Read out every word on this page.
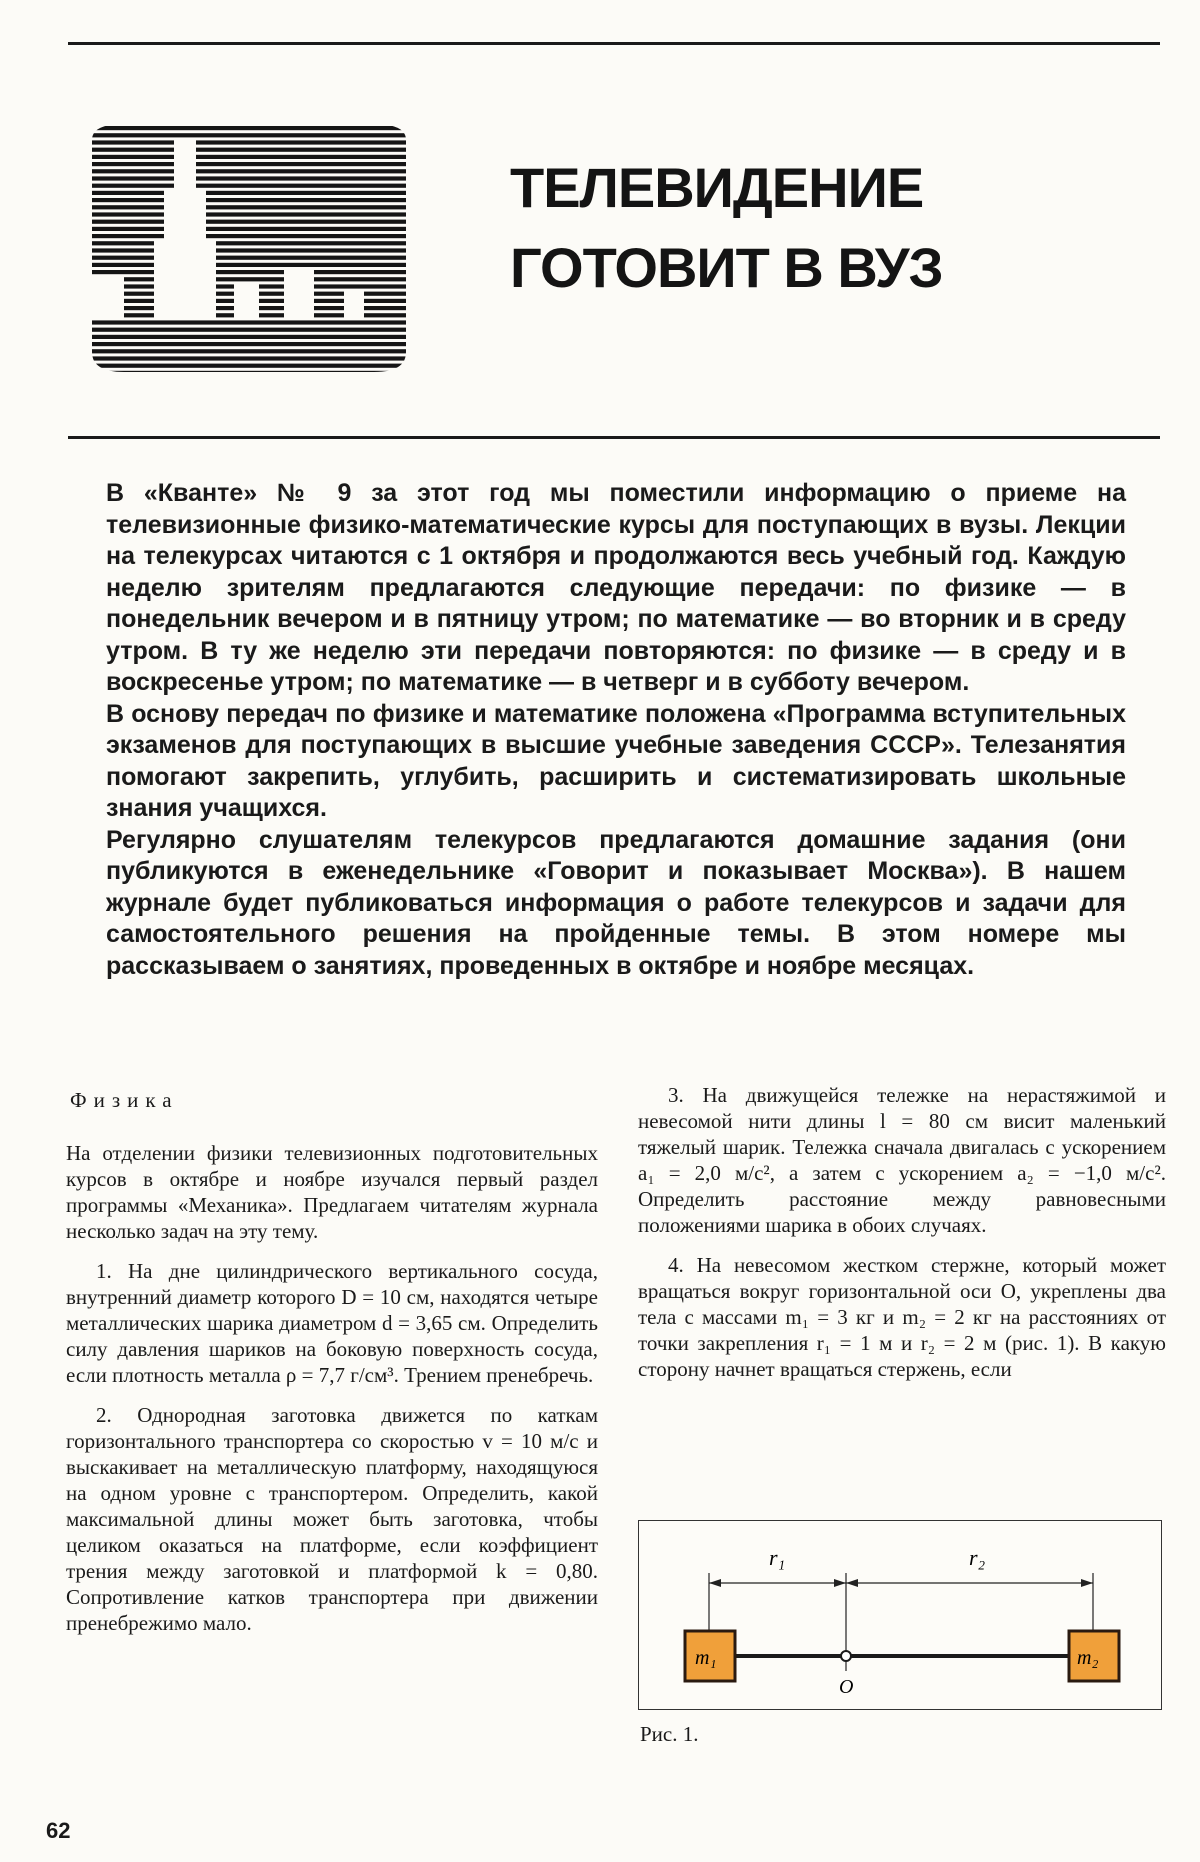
ТЕЛЕВИДЕНИЕ
ГОТОВИТ В ВУЗ

В «Кванте» № 9 за этот год мы поместили информацию о приеме на телевизионные физико-математические курсы для поступающих в вузы. Лекции на телекурсах читаются с 1 октября и продолжаются весь учебный год. Каждую неделю зрителям предлагаются следующие передачи: по физике — в понедельник вечером и в пятницу утром; по математике — во вторник и в среду утром. В ту же неделю эти передачи повторяются: по физике — в среду и в воскресенье утром; по математике — в четверг и в субботу вечером.

В основу передач по физике и математике положена «Программа вступительных экзаменов для поступающих в высшие учебные заведения СССР». Телезанятия помогают закрепить, углубить, расширить и систематизировать школьные знания учащихся.

Регулярно слушателям телекурсов предлагаются домашние задания (они публикуются в еженедельнике «Говорит и показывает Москва»). В нашем журнале будет публиковаться информация о работе телекурсов и задачи для самостоятельного решения на пройденные темы. В этом номере мы рассказываем о занятиях, проведенных в октябре и ноябре месяцах.

Физика

На отделении физики телевизионных подготовительных курсов в октябре и ноябре изучался первый раздел программы «Механика». Предлагаем читателям журнала несколько задач на эту тему.

1. На дне цилиндрического вертикального сосуда, внутренний диаметр которого D = 10 см, находятся четыре металлических шарика диаметром d = 3,65 см. Определить силу давления шариков на боковую поверхность сосуда, если плотность металла ρ = 7,7 г/см³. Трением пренебречь.

2. Однородная заготовка движется по каткам горизонтального транспортера со скоростью v = 10 м/с и выскакивает на металлическую платформу, находящуюся на одном уровне с транспортером. Определить, какой максимальной длины может быть заготовка, чтобы целиком оказаться на платформе, если коэффициент трения между заготовкой и платформой k = 0,80. Сопротивление катков транспортера при движении пренебрежимо мало.

3. На движущейся тележке на нерастяжимой и невесомой нити длины l = 80 см висит маленький тяжелый шарик. Тележка сначала двигалась с ускорением a₁ = 2,0 м/с², а затем с ускорением a₂ = −1,0 м/с². Определить расстояние между равновесными положениями шарика в обоих случаях.

4. На невесомом жестком стержне, который может вращаться вокруг горизонтальной оси O, укреплены два тела с массами m₁ = 3 кг и m₂ = 2 кг на расстояниях от точки закрепления r₁ = 1 м и r₂ = 2 м (рис. 1). В какую сторону начнет вращаться стержень, если

r₁	r₂
m₁	m₂
O
Рис. 1.
62
